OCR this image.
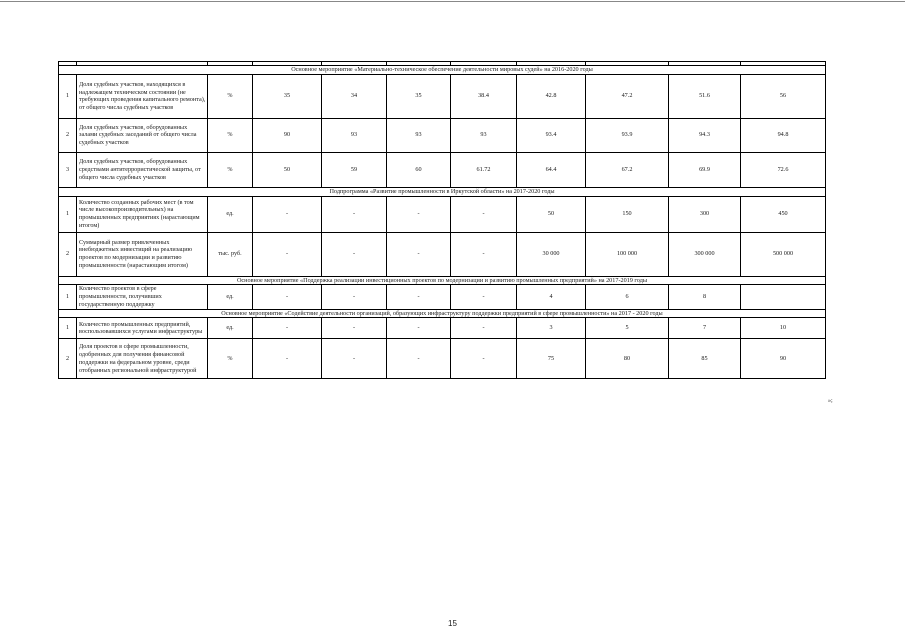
Основное мероприятие «Материально-техническое обеспечение деятельности мировых судей» на 2016-2020 годы										
1	Доля судебных участков, находящихся в надлежащем техническом состоянии (не требующих проведения капитального ремонта), от общего числа судебных участков	%	35	34	35	38.4	42.8	47.2	51.6	56
2	Доля судебных участков, оборудованных залами судебных заседаний от общего числа судебных участков	%	90	93	93	93	93.4	93.9	94.3	94.8
3	Доля судебных участков, оборудованных средствами антитеррористической защиты, от общего числа судебных участков	%	50	59	60	61.72	64.4	67.2	69.9	72.6
Подпрограмма «Развитие промышленности в Иркутской области» на 2017-2020 годы										
1	Количество созданных рабочих мест (в том числе высокопроизводительных) на промышленных предприятиях (нарастающим итогом)	ед.	-	-	-	-	50	150	300	450
2	Суммарный размер привлеченных внебюджетных инвестиций на реализацию проектов по модернизации и развитию промышленности (нарастающим итогом)	тыс. руб.	-	-	-	-	30 000	100 000	300 000	500 000
Основное мероприятие «Поддержка реализации инвестиционных проектов по модернизации и развитию промышленных предприятий» на 2017-2019 годы										
1	Количество проектов в сфере промышленности, получивших государственную поддержку	ед.	-	-	-	-	4	6	8	
Основное мероприятие «Содействие деятельности организаций, образующих инфраструктуру поддержки предприятий в сфере промышленности» на 2017 - 2020 годы										
1	Количество промышленных предприятий, воспользовавшихся услугами инфраструктуры	ед.	-	-	-	-	3	5	7	10
2	Доля проектов в сфере промышленности, одобренных для получения финансовой поддержки на федеральном уровне, среди отобранных региональной инфраструктурой	%	-	-	-	-	75	80	85	90
»;
15
